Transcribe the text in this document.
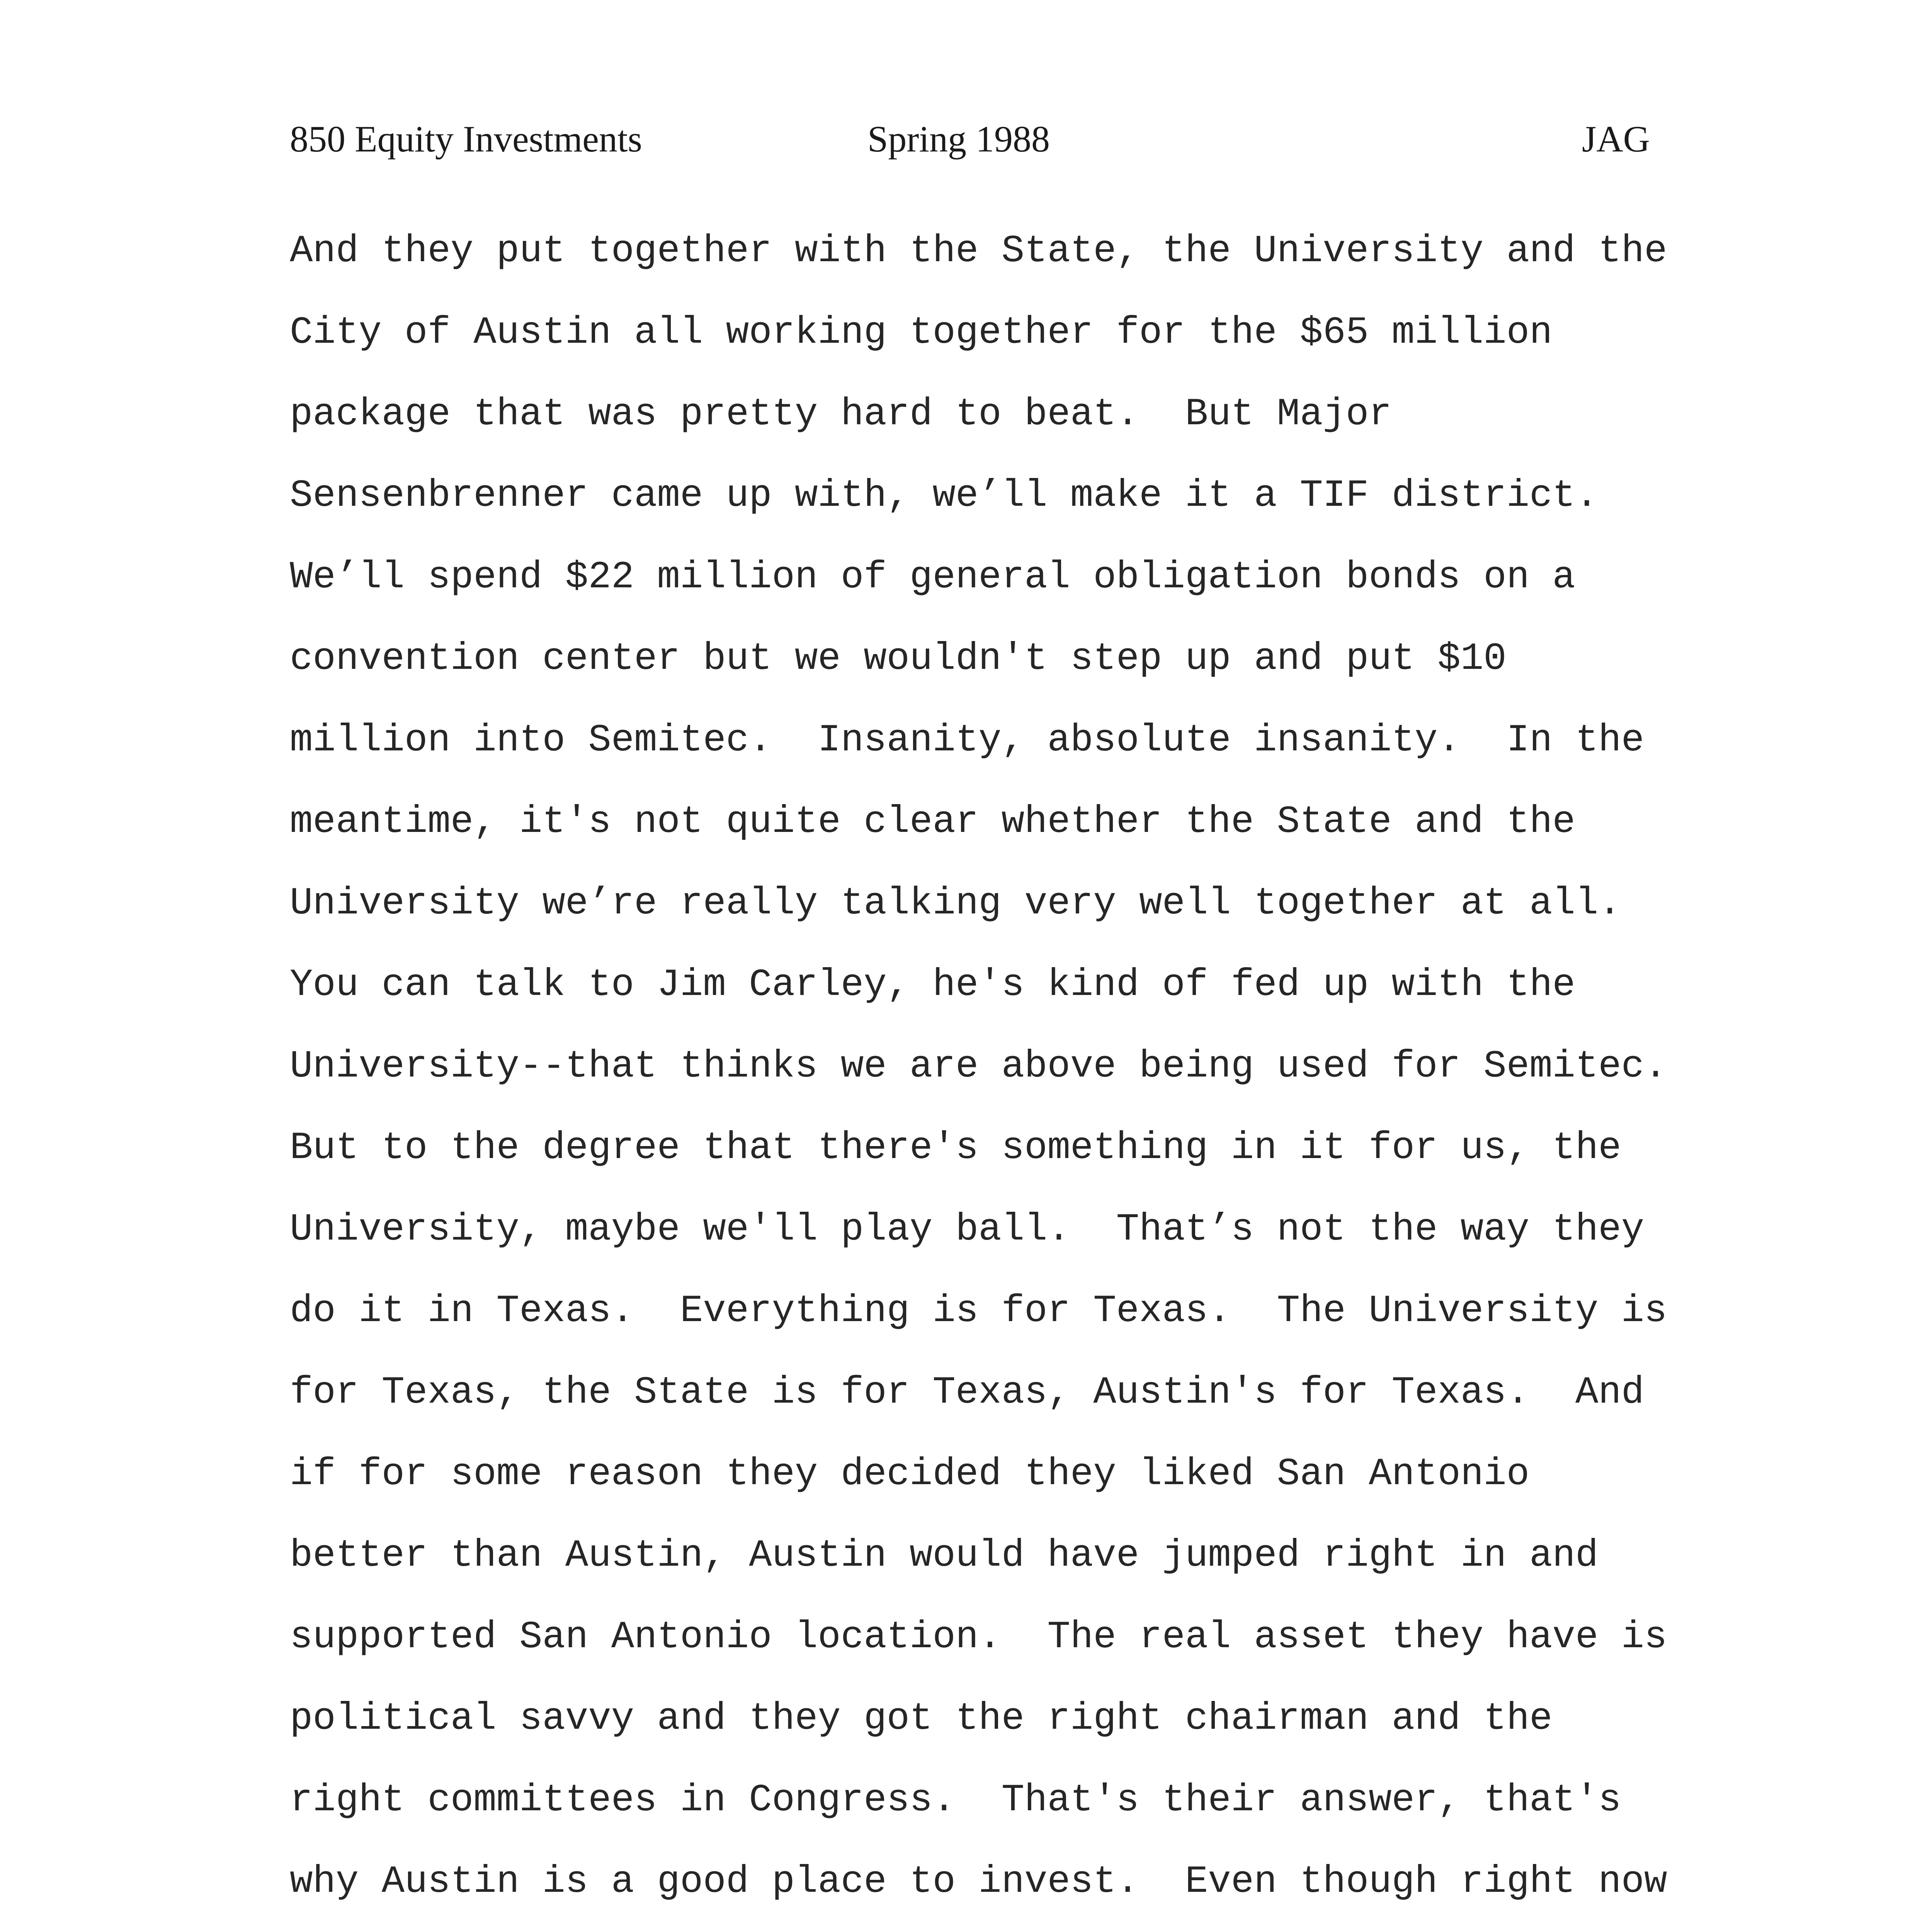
850 Equity Investments	Spring 1988	JAG
And they put together with the State, the University and the
City of Austin all working together for the $65 million
package that was pretty hard to beat.  But Major
Sensenbrenner came up with, we’ll make it a TIF district.
We’ll spend $22 million of general obligation bonds on a
convention center but we wouldn't step up and put $10
million into Semitec.  Insanity, absolute insanity.  In the
meantime, it's not quite clear whether the State and the
University we’re really talking very well together at all.
You can talk to Jim Carley, he's kind of fed up with the
University--that thinks we are above being used for Semitec.
But to the degree that there's something in it for us, the
University, maybe we'll play ball.  That’s not the way they
do it in Texas.  Everything is for Texas.  The University is
for Texas, the State is for Texas, Austin's for Texas.  And
if for some reason they decided they liked San Antonio
better than Austin, Austin would have jumped right in and
supported San Antonio location.  The real asset they have is
political savvy and they got the right chairman and the
right committees in Congress.  That's their answer, that's
why Austin is a good place to invest.  Even though right now
